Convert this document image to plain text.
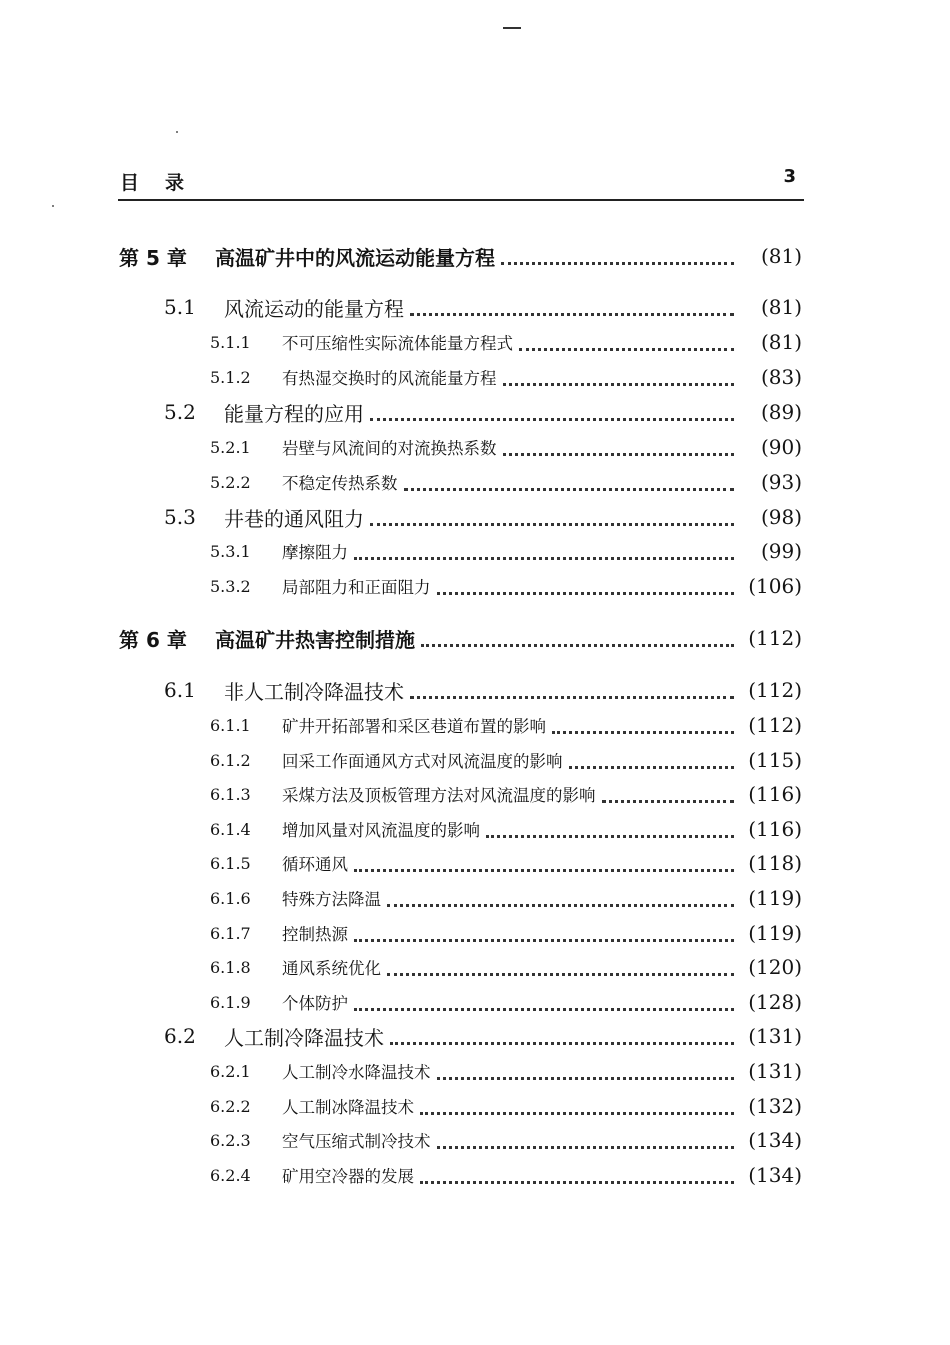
目录	3
第 5 章	高温矿井中的风流运动能量方程	(81)
5.1	风流运动的能量方程	(81)
5.1.1	不可压缩性实际流体能量方程式	(81)
5.1.2	有热湿交换时的风流能量方程	(83)
5.2	能量方程的应用	(89)
5.2.1	岩壁与风流间的对流换热系数	(90)
5.2.2	不稳定传热系数	(93)
5.3	井巷的通风阻力	(98)
5.3.1	摩擦阻力	(99)
5.3.2	局部阻力和正面阻力	(106)
第 6 章	高温矿井热害控制措施	(112)
6.1	非人工制冷降温技术	(112)
6.1.1	矿井开拓部署和采区巷道布置的影响	(112)
6.1.2	回采工作面通风方式对风流温度的影响	(115)
6.1.3	采煤方法及顶板管理方法对风流温度的影响	(116)
6.1.4	增加风量对风流温度的影响	(116)
6.1.5	循环通风	(118)
6.1.6	特殊方法降温	(119)
6.1.7	控制热源	(119)
6.1.8	通风系统优化	(120)
6.1.9	个体防护	(128)
6.2	人工制冷降温技术	(131)
6.2.1	人工制冷水降温技术	(131)
6.2.2	人工制冰降温技术	(132)
6.2.3	空气压缩式制冷技术	(134)
6.2.4	矿用空冷器的发展	(134)
